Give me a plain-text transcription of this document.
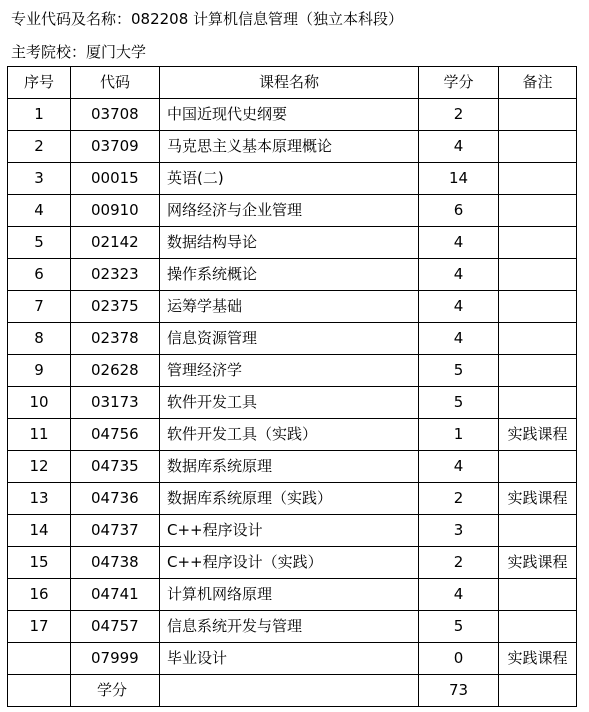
专业代码及名称：082208 计算机信息管理（独立本科段）
主考院校：厦门大学
序号	代码	课程名称	学分	备注
1	03708	中国近现代史纲要	2	
2	03709	马克思主义基本原理概论	4	
3	00015	英语(二)	14	
4	00910	网络经济与企业管理	6	
5	02142	数据结构导论	4	
6	02323	操作系统概论	4	
7	02375	运筹学基础	4	
8	02378	信息资源管理	4	
9	02628	管理经济学	5	
10	03173	软件开发工具	5	
11	04756	软件开发工具（实践）	1	实践课程
12	04735	数据库系统原理	4	
13	04736	数据库系统原理（实践）	2	实践课程
14	04737	C++程序设计	3	
15	04738	C++程序设计（实践）	2	实践课程
16	04741	计算机网络原理	4	
17	04757	信息系统开发与管理	5	
	07999	毕业设计	0	实践课程
	学分		73	
